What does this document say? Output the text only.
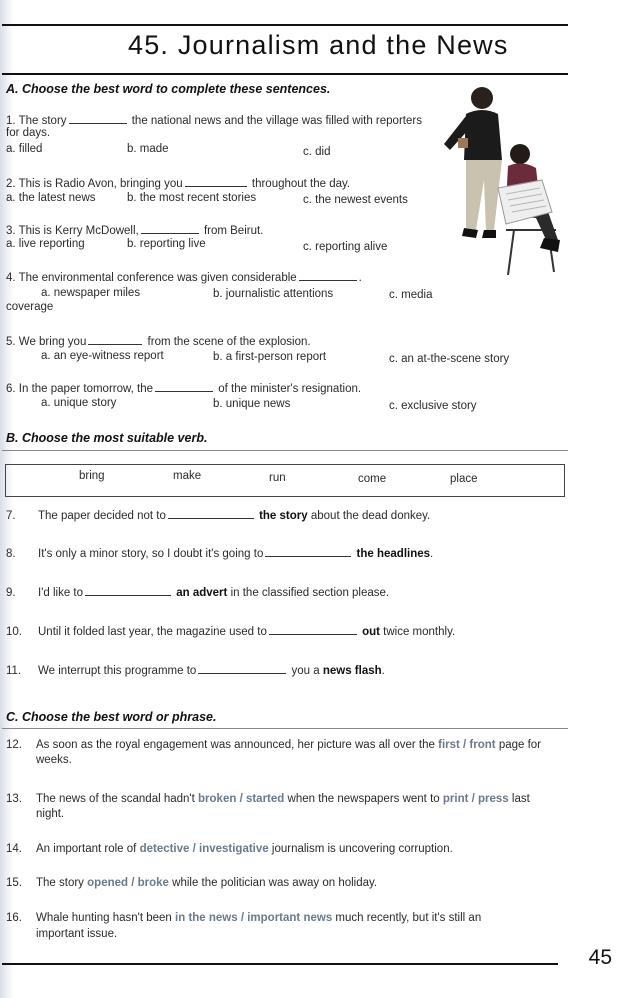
45. Journalism and the News
A. Choose the best word to complete these sentences.
1. The story	the national news and the village was filled with reporters
for days.
a. filled	b. made	c. did
2. This is Radio Avon, bringing you	throughout the day.
a. the latest news	b. the most recent stories	c. the newest events
3. This is Kerry McDowell,	from Beirut.
a. live reporting	b. reporting live	c. reporting alive
4. The environmental conference was given considerable	.
a. newspaper miles	b. journalistic attentions	c. media
coverage
5. We bring you	from the scene of the explosion.
a. an eye-witness report	b. a first-person report	c. an at-the-scene story
6. In the paper tomorrow, the	of the minister's resignation.
a. unique story	b. unique news	c. exclusive story
B. Choose the most suitable verb.
bring	make	run	come	place
7. The paper decided not to	the story about the dead donkey.
8. It's only a minor story, so I doubt it's going to	the headlines.
9. I'd like to	an advert in the classified section please.
10. Until it folded last year, the magazine used to	out twice monthly.
11. We interrupt this programme to	you a news flash.
C. Choose the best word or phrase.
12. As soon as the royal engagement was announced, her picture was all over the first / front page for
weeks.
13. The news of the scandal hadn't broken / started when the newspapers went to print / press last
night.
14. An important role of detective / investigative journalism is uncovering corruption.
15. The story opened / broke while the politician was away on holiday.
16. Whale hunting hasn't been in the news / important news much recently, but it's still an
important issue.
45
